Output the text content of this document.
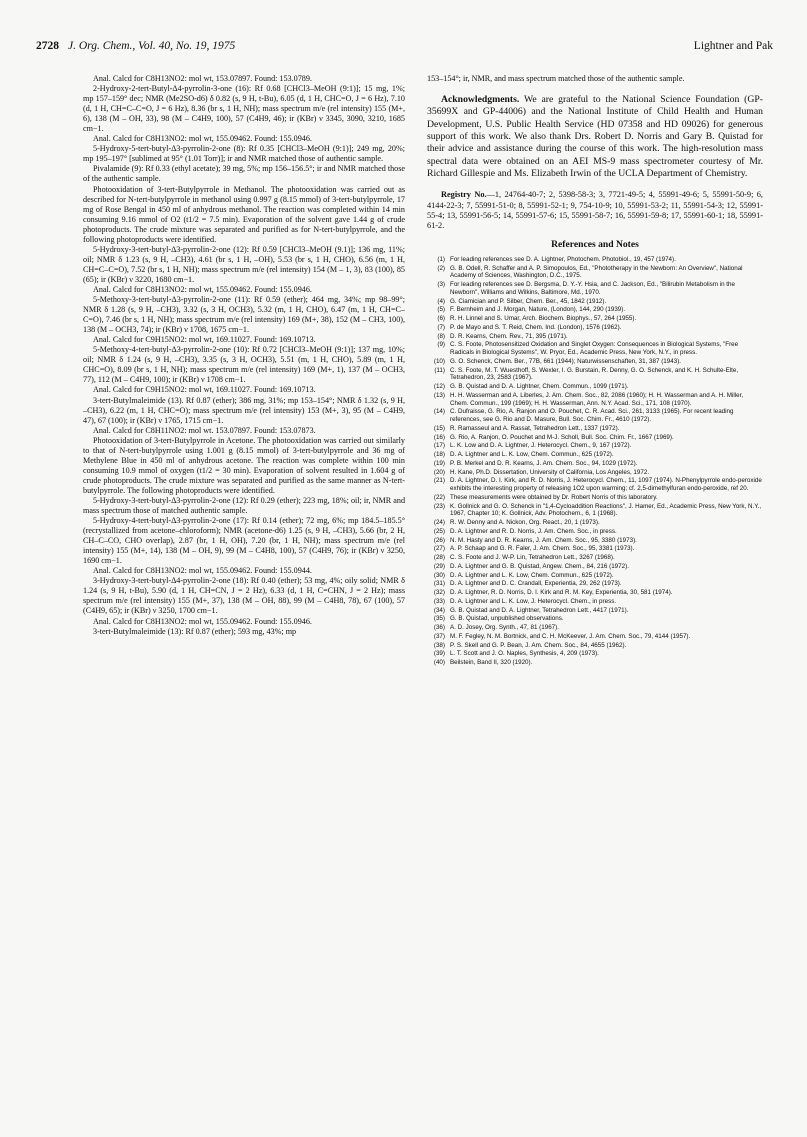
2728 J. Org. Chem., Vol. 40, No. 19, 1975	Lightner and Pak

Anal. Calcd for C8H13NO2: mol wt, 153.07897. Found: 153.0789.

2-Hydroxy-2-tert-Butyl-Δ4-pyrrolin-3-one (16): Rf 0.68 [CHCl3–MeOH (9:1)]; 15 mg, 1%; mp 157–159° dec; NMR (Me2SO-d6) δ 0.82 (s, 9 H, t-Bu), 6.05 (d, 1 H, CHC=O, J = 6 Hz), 7.10 (d, 1 H, CH=C–C=O, J = 6 Hz), 8.36 (br s, 1 H, NH); mass spectrum m/e (rel intensity) 155 (M+, 6), 138 (M – OH, 33), 98 (M – C4H9, 100), 57 (C4H9, 46); ir (KBr) ν 3345, 3090, 3210, 1685 cm−1.

Anal. Calcd for C8H13NO2: mol wt, 155.09462. Found: 155.0946.

5-Hydroxy-5-tert-butyl-Δ3-pyrrolin-2-one (8): Rf 0.35 [CHCl3–MeOH (9:1)]; 249 mg, 20%; mp 195–197° [sublimed at 95° (1.01 Torr)]; ir and NMR matched those of authentic sample.

Pivalamide (9): Rf 0.33 (ethyl acetate); 39 mg, 5%; mp 156–156.5°; ir and NMR matched those of the authentic sample.

Photooxidation of 3-tert-Butylpyrrole in Methanol. The photooxidation was carried out as described for N-tert-butylpyrrole in methanol using 0.997 g (8.15 mmol) of 3-tert-butylpyrrole, 17 mg of Rose Bengal in 450 ml of anhydrous methanol. The reaction was completed within 14 min consuming 9.16 mmol of O2 (t1/2 = 7.5 min). Evaporation of the solvent gave 1.44 g of crude photoproducts. The crude mixture was separated and purified as for N-tert-butylpyrrole, and the following photoproducts were identified.

5-Hydroxy-3-tert-butyl-Δ3-pyrrolin-2-one (12): Rf 0.59 [CHCl3–MeOH (9.1)]; 136 mg, 11%; oil; NMR δ 1.23 (s, 9 H, –CH3), 4.61 (br s, 1 H, –OH), 5.53 (br s, 1 H, CHO), 6.56 (m, 1 H, CH=C–C=O), 7.52 (br s, 1 H, NH); mass spectrum m/e (rel intensity) 154 (M – 1, 3), 83 (100), 85 (65); ir (KBr) ν 3220, 1680 cm−1.

Anal. Calcd for C8H13NO2: mol wt, 155.09462. Found: 155.0946.

5-Methoxy-3-tert-butyl-Δ3-pyrrolin-2-one (11): Rf 0.59 (ether); 464 mg, 34%; mp 98–99°; NMR δ 1.28 (s, 9 H, –CH3), 3.32 (s, 3 H, OCH3), 5.32 (m, 1 H, CHO), 6.47 (m, 1 H, CH=C–C=O), 7.46 (br s, 1 H, NH); mass spectrum m/e (rel intensity) 169 (M+, 38), 152 (M – CH3, 100), 138 (M – OCH3, 74); ir (KBr) ν 1708, 1675 cm−1.

Anal. Calcd for C9H15NO2: mol wt, 169.11027. Found: 169.10713.

5-Methoxy-4-tert-butyl-Δ3-pyrrolin-2-one (10): Rf 0.72 [CHCl3–MeOH (9:1)]; 137 mg, 10%; oil; NMR δ 1.24 (s, 9 H, –CH3), 3.35 (s, 3 H, OCH3), 5.51 (m, 1 H, CHO), 5.89 (m, 1 H, CHC=O), 8.09 (br s, 1 H, NH); mass spectrum m/e (rel intensity) 169 (M+, 1), 137 (M – OCH3, 77), 112 (M – C4H9, 100); ir (KBr) ν 1708 cm−1.

Anal. Calcd for C9H15NO2: mol wt, 169.11027. Found: 169.10713.

3-tert-Butylmaleimide (13). Rf 0.87 (ether); 386 mg, 31%; mp 153–154°; NMR δ 1.32 (s, 9 H, –CH3), 6.22 (m, 1 H, CHC=O); mass spectrum m/e (rel intensity) 153 (M+, 3), 95 (M – C4H9, 47), 67 (100); ir (KBr) ν 1765, 1715 cm−1.

Anal. Calcd for C8H11NO2: mol wt. 153.07897. Found: 153.07873.

Photooxidation of 3-tert-Butylpyrrole in Acetone. The photooxidation was carried out similarly to that of N-tert-butylpyrrole using 1.001 g (8.15 mmol) of 3-tert-butylpyrrole and 36 mg of Methylene Blue in 450 ml of anhydrous acetone. The reaction was complete within 100 min consuming 10.9 mmol of oxygen (t1/2 = 30 min). Evaporation of solvent resulted in 1.604 g of crude photoproducts. The crude mixture was separated and purified as the same manner as N-tert-butylpyrrole. The following photoproducts were identified.

5-Hydroxy-3-tert-butyl-Δ3-pyrrolin-2-one (12): Rf 0.29 (ether); 223 mg, 18%; oil; ir, NMR and mass spectrum those of matched authentic sample.

5-Hydroxy-4-tert-butyl-Δ3-pyrrolin-2-one (17): Rf 0.14 (ether); 72 mg, 6%; mp 184.5–185.5° (recrystallized from acetone–chloroform); NMR (acetone-d6) 1.25 (s, 9 H, –CH3), 5.66 (br, 2 H, CH–C–CO, CHO overlap), 2.87 (br, 1 H, OH), 7.20 (br, 1 H, NH); mass spectrum m/e (rel intensity) 155 (M+, 14), 138 (M – OH, 9), 99 (M – C4H8, 100), 57 (C4H9, 76); ir (KBr) ν 3250, 1690 cm−1.

Anal. Calcd for C8H13NO2: mol wt, 155.09462. Found: 155.0944.

3-Hydroxy-3-tert-butyl-Δ4-pyrrolin-2-one (18): Rf 0.40 (ether); 53 mg, 4%; oily solid; NMR δ 1.24 (s, 9 H, t-Bu), 5.90 (d, 1 H, CH=CN, J = 2 Hz), 6.33 (d, 1 H, C=CHN, J = 2 Hz); mass spectrum m/e (rel intensity) 155 (M+, 37), 138 (M – OH, 88), 99 (M – C4H8, 78), 67 (100), 57 (C4H9, 65); ir (KBr) ν 3250, 1700 cm−1.

Anal. Calcd for C8H13NO2: mol wt, 155.09462. Found: 155.0946.

3-tert-Butylmaleimide (13): Rf 0.87 (ether); 593 mg, 43%; mp

153–154°; ir, NMR, and mass spectrum matched those of the authentic sample.

Acknowledgments. We are grateful to the National Science Foundation (GP-35699X and GP-44006) and the National Institute of Child Health and Human Development, U.S. Public Health Service (HD 07358 and HD 09026) for generous support of this work. We also thank Drs. Robert D. Norris and Gary B. Quistad for their advice and assistance during the course of this work. The high-resolution mass spectral data were obtained on an AEI MS-9 mass spectrometer courtesy of Mr. Richard Gillespie and Ms. Elizabeth Irwin of the UCLA Department of Chemistry.

Registry No.—1, 24764-40-7; 2, 5398-58-3; 3, 7721-49-5; 4, 55991-49-6; 5, 55991-50-9; 6, 4144-22-3; 7, 55991-51-0; 8, 55991-52-1; 9, 754-10-9; 10, 55991-53-2; 11, 55991-54-3; 12, 55991-55-4; 13, 55991-56-5; 14, 55991-57-6; 15, 55991-58-7; 16, 55991-59-8; 17, 55991-60-1; 18, 55991-61-2.

References and Notes
(1) For leading references see D. A. Lightner, Photochem. Photobiol., 19, 457 (1974).
(2) G. B. Odell, R. Schaffer and A. P. Simopoulos, Ed., "Phototherapy in the Newborn: An Overview", National Academy of Sciences, Washington, D.C., 1975.
(3) For leading references see D. Bergsma, D. Y.-Y. Hsia, and C. Jackson, Ed., "Bilirubin Metabolism in the Newborn", Williams and Wilkins, Baltimore, Md., 1970.
(4) G. Ciamician and P. Silber, Chem. Ber., 45, 1842 (1912).
(5) F. Bernheim and J. Morgan, Nature, (London), 144, 290 (1939).
(6) R. H. Linnel and S. Umar, Arch. Biochem. Biophys., 57, 264 (1955).
(7) P. de Mayo and S. T. Reid, Chem. Ind. (London), 1576 (1962).
(8) D. R. Kearns, Chem. Rev., 71, 395 (1971).
(9) C. S. Foote, Photosensitized Oxidation and Singlet Oxygen: Consequences in Biological Systems, "Free Radicals in Biological Systems", W. Pryor, Ed., Academic Press, New York, N.Y., in press.
(10) G. O. Schenck, Chem. Ber., 77B, 661 (1944); Naturwissenschaften, 31, 387 (1943).
(11) C. S. Foote, M. T. Wuesthoff, S. Wexler, I. G. Burstain, R. Denny, G. O. Schenck, and K. H. Schulte-Elte, Tetrahedron, 23, 2583 (1967).
(12) G. B. Quistad and D. A. Lightner, Chem. Commun., 1099 (1971).
(13) H. H. Wasserman and A. Liberles, J. Am. Chem. Soc., 82, 2086 (1960); H. H. Wasserman and A. H. Miller, Chem. Commun., 199 (1969); H. H. Wasserman, Ann. N.Y. Acad. Sci., 171, 108 (1970).
(14) C. Dufraisse, G. Rio, A. Ranjon and O. Pouchet, C. R. Acad. Sci., 261, 3133 (1965). For recent leading references, see G. Rio and D. Masure, Bull. Soc. Chim. Fr., 4610 (1972).
(15) R. Ramasseul and A. Rassat, Tetrahedron Lett., 1337 (1972).
(16) G. Rio, A. Ranjon, O. Pouchet and M-J. Scholl, Bull. Soc. Chim. Fr., 1667 (1969).
(17) L. K. Low and D. A. Lightner, J. Heterocycl. Chem., 9, 167 (1972).
(18) D. A. Lightner and L. K. Low, Chem. Commun., 625 (1972).
(19) P. B. Merkel and D. R. Kearns, J. Am. Chem. Soc., 94, 1029 (1972).
(20) H. Kane, Ph.D. Dissertation, University of California, Los Angeles, 1972.
(21) D. A. Lightner, D. I. Kirk, and R. D. Norris, J. Heterocycl. Chem., 11, 1097 (1974). N-Phenylpyrrole endo-peroxide exhibits the interesting property of releasing 1O2 upon warming; cf. 2,5-dimethylfuran endo-peroxide, ref 20.
(22) These measurements were obtained by Dr. Robert Norris of this laboratory.
(23) K. Gollnick and G. O. Schenck in "1,4-Cycloaddition Reactions", J. Hamer, Ed., Academic Press, New York, N.Y., 1967, Chapter 10; K. Gollnick, Adv. Photochem., 6, 1 (1968).
(24) R. W. Denny and A. Nickon, Org. React., 20, 1 (1973).
(25) D. A. Lightner and R. D. Norris, J. Am. Chem. Soc., in press.
(26) N. M. Hasty and D. R. Kearns, J. Am. Chem. Soc., 95, 3380 (1973).
(27) A. P. Schaap and G. R. Faler, J. Am. Chem. Soc., 95, 3381 (1973).
(28) C. S. Foote and J. W-P. Lin, Tetrahedron Lett., 3267 (1968).
(29) D. A. Lightner and G. B. Quistad, Angew. Chem., 84, 216 (1972).
(30) D. A. Lightner and L. K. Low, Chem. Commun., 625 (1972).
(31) D. A. Lightner and D. C. Crandall, Experientia, 29, 262 (1973).
(32) D. A. Lightner, R. D. Norris, D. I. Kirk and R. M. Key, Experientia, 30, 581 (1974).
(33) D. A. Lightner and L. K. Low, J. Heterocycl. Chem., in press.
(34) G. B. Quistad and D. A. Lightner, Tetrahedron Lett., 4417 (1971).
(35) G. B. Quistad, unpublished observations.
(36) A. D. Josey, Org. Synth., 47, 81 (1967).
(37) M. F. Fegley, N. M. Bortnick, and C. H. McKeever, J. Am. Chem. Soc., 79, 4144 (1957).
(38) P. S. Skell and G. P. Bean, J. Am. Chem. Soc., 84, 4655 (1962).
(39) L. T. Scott and J. O. Naples, Synthesis, 4, 209 (1973).
(40) Beilstein, Band II, 320 (1920).
